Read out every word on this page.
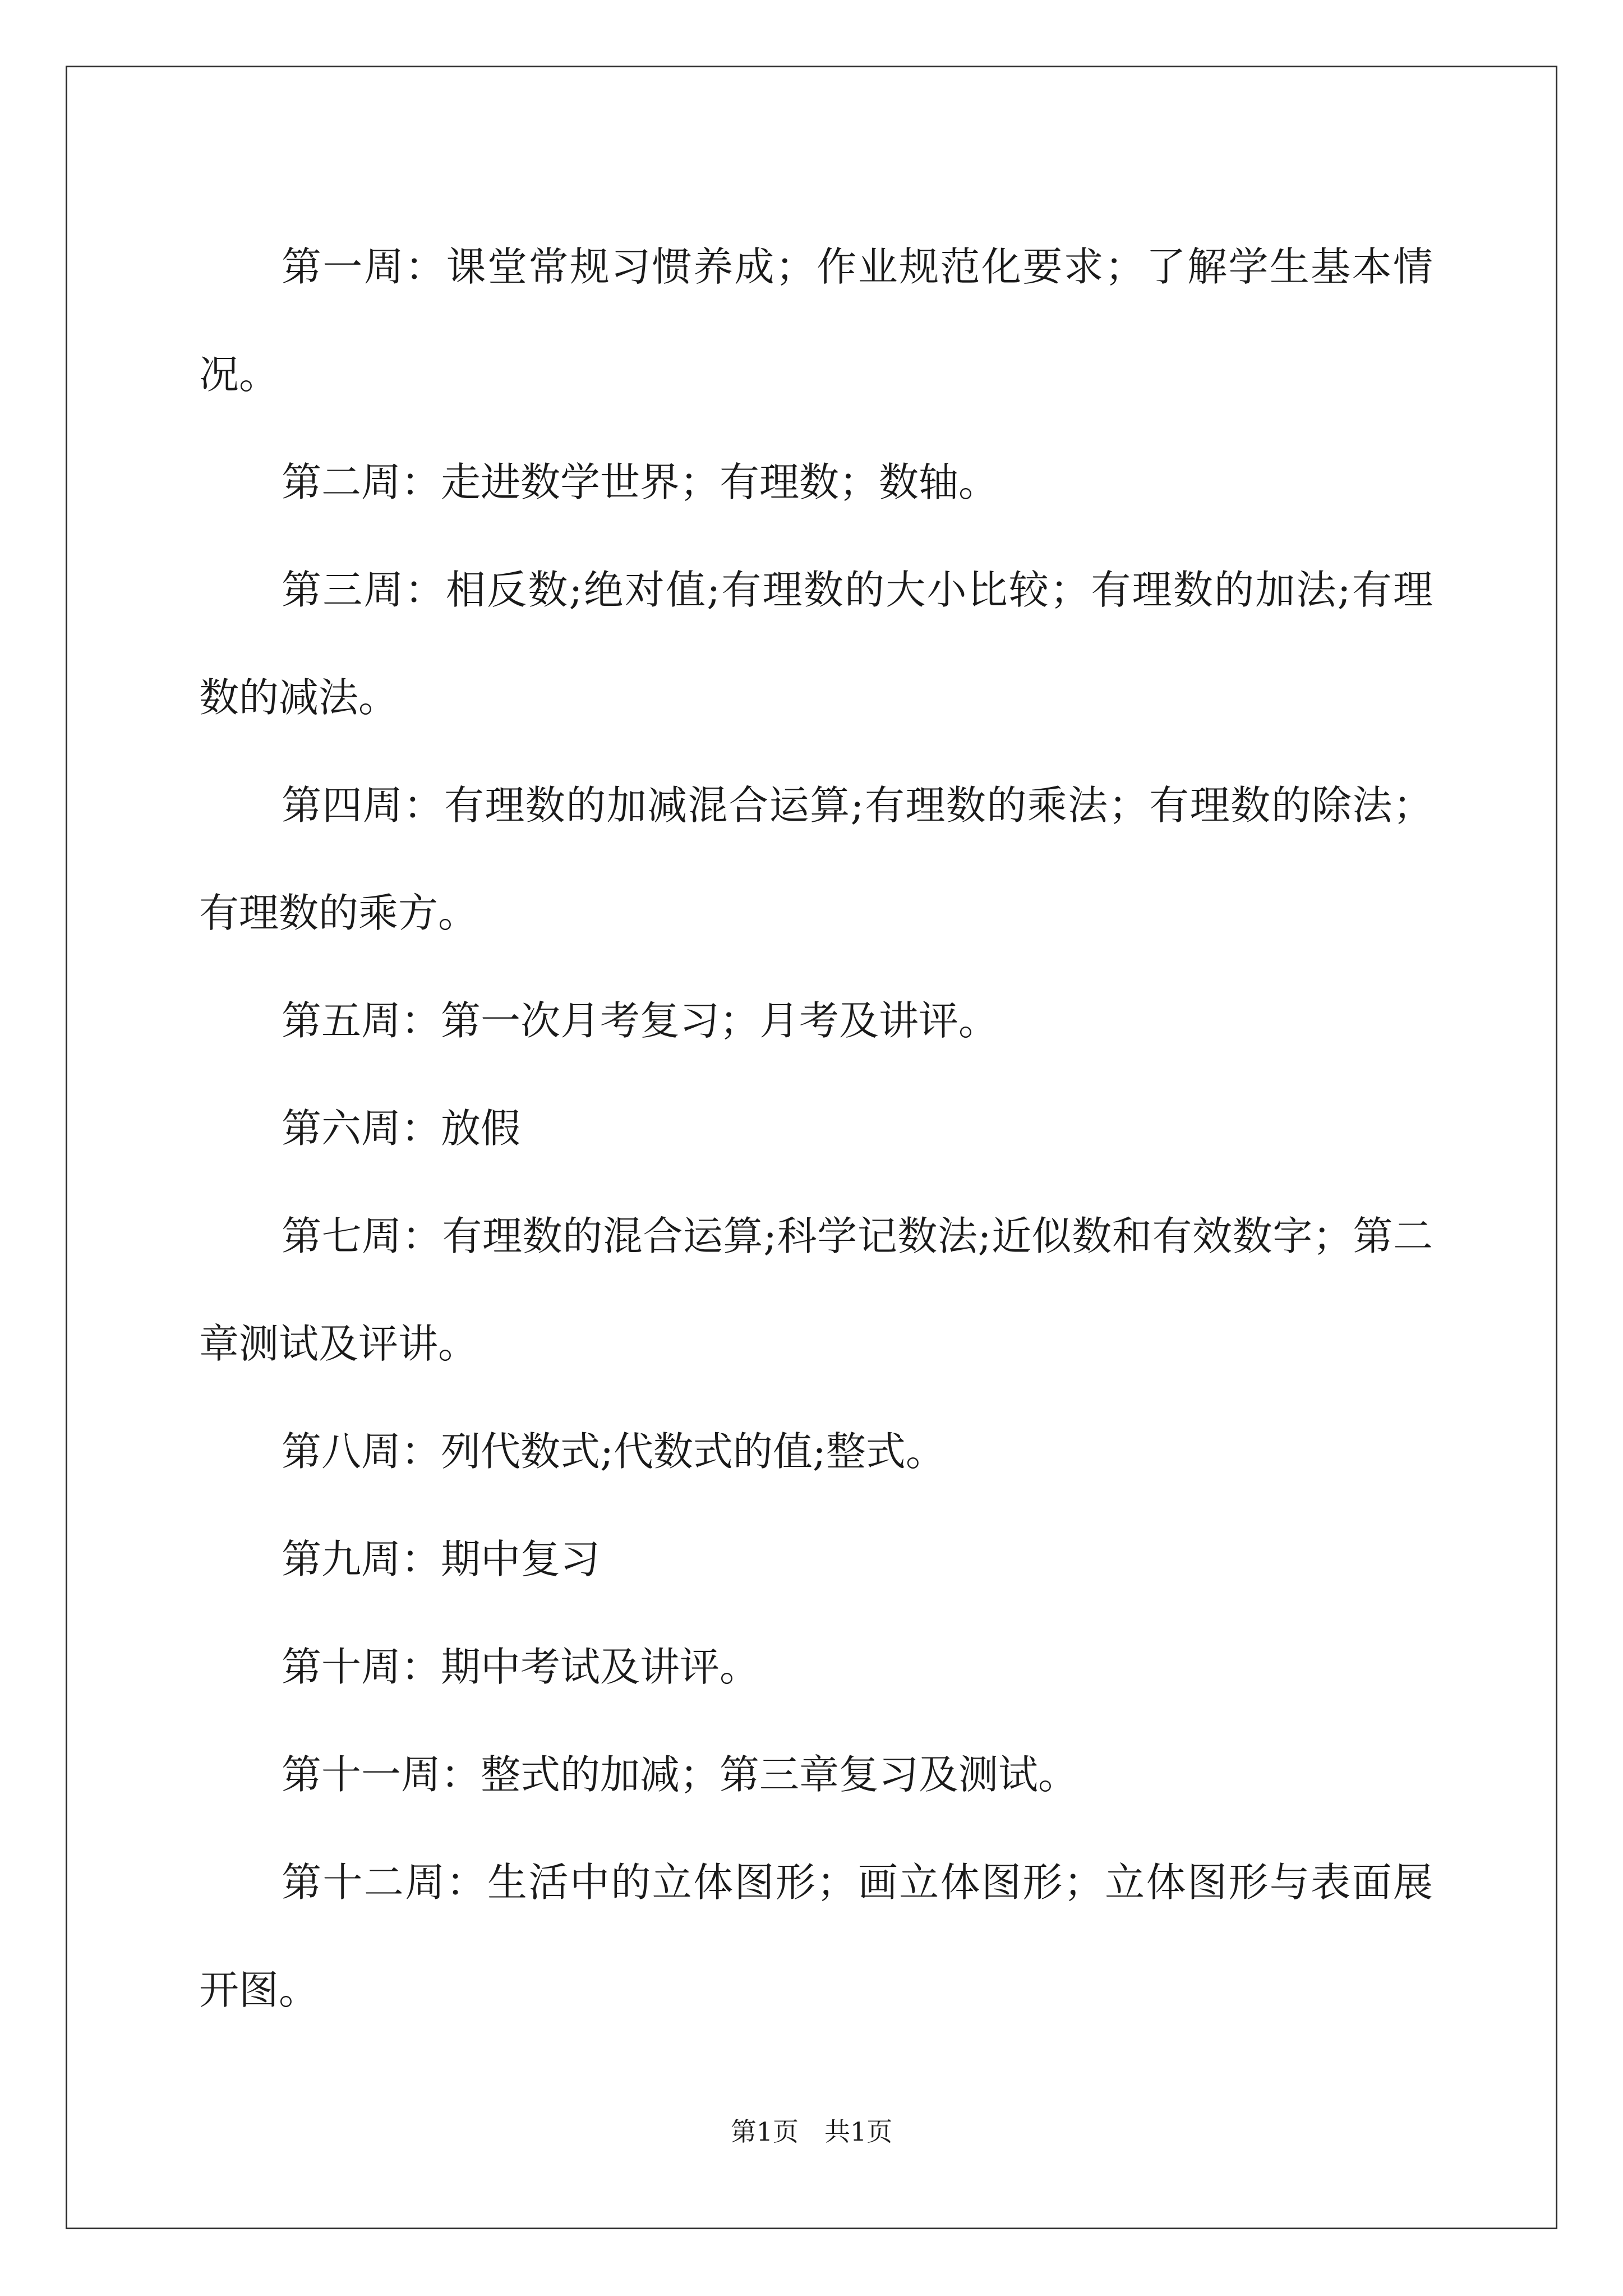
第一周：课堂常规习惯养成；作业规范化要求；了解学生基本情况。

第二周：走进数学世界；有理数；数轴。

第三周：相反数;绝对值;有理数的大小比较；有理数的加法;有理数的减法。

第四周：有理数的加减混合运算;有理数的乘法；有理数的除法；有理数的乘方。

第五周：第一次月考复习；月考及讲评。

第六周：放假

第七周：有理数的混合运算;科学记数法;近似数和有效数字；第二章测试及评讲。

第八周：列代数式;代数式的值;整式。

第九周：期中复习

第十周：期中考试及讲评。

第十一周：整式的加减；第三章复习及测试。

第十二周：生活中的立体图形；画立体图形；立体图形与表面展开图。

第1页 共1页
